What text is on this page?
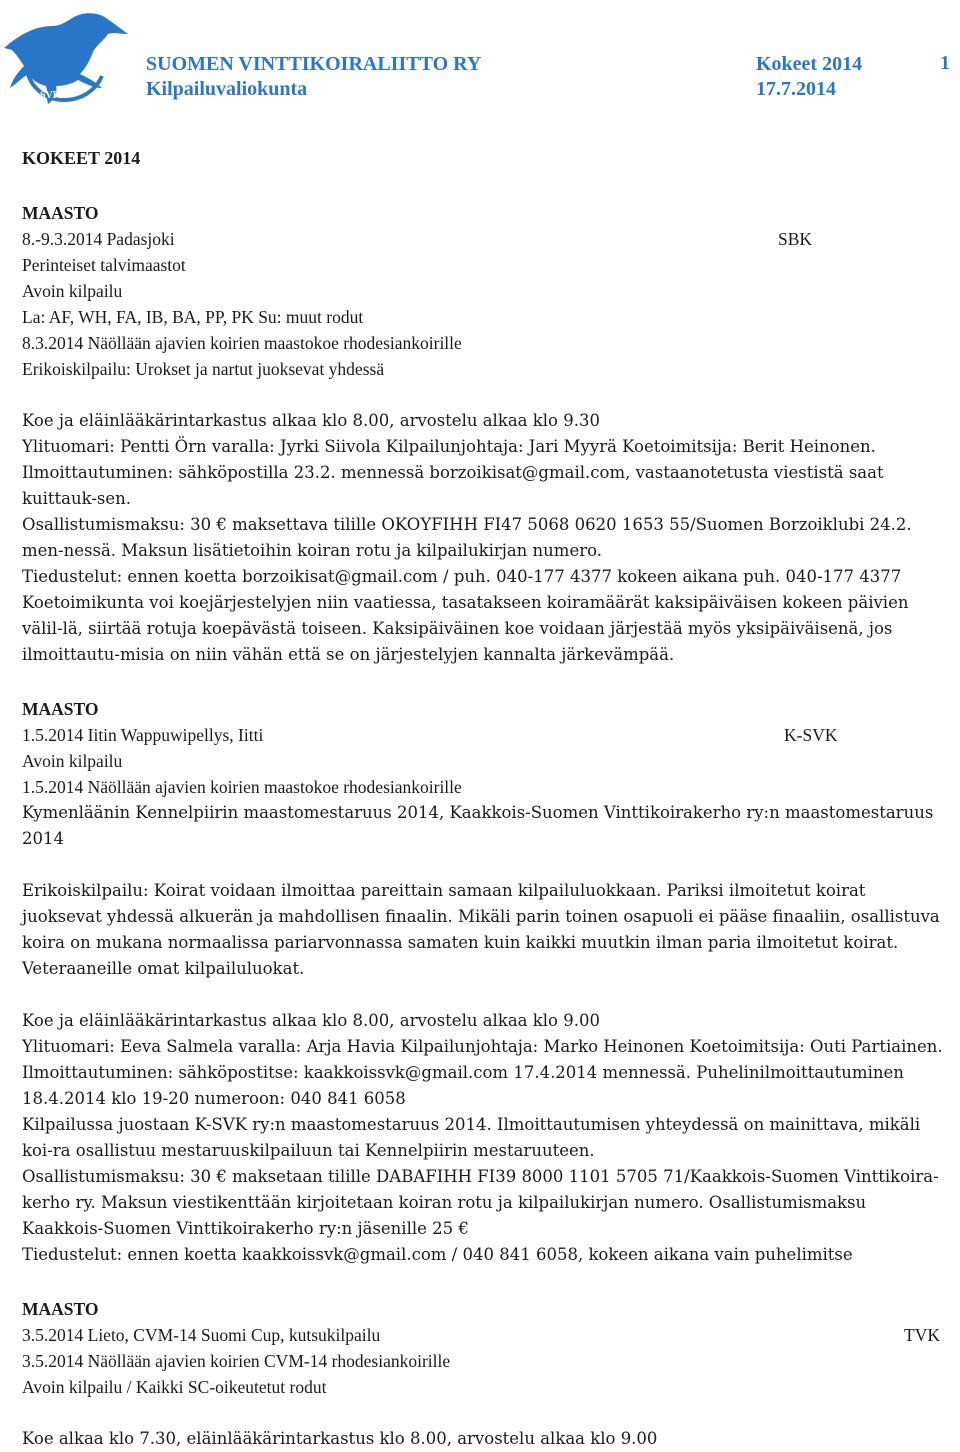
SVKL
SUOMEN VINTTIKOIRALIITTO RY
Kilpailuvaliokunta
Kokeet 2014
17.7.2014
1
KOKEET 2014
MAASTO
8.-9.3.2014 Padasjoki	SBK
Perinteiset talvimaastot
Avoin kilpailu
La: AF, WH, FA, IB, BA, PP, PK Su: muut rodut
8.3.2014 Näöllään ajavien koirien maastokoe rhodesiankoirille
Erikoiskilpailu: Urokset ja nartut juoksevat yhdessä
Koe ja eläinlääkärintarkastus alkaa klo 8.00, arvostelu alkaa klo 9.30
Ylituomari: Pentti Örn varalla: Jyrki Siivola Kilpailunjohtaja: Jari Myyrä Koetoimitsija: Berit Heinonen.
Ilmoittautuminen: sähköpostilla 23.2. mennessä borzoikisat@gmail.com, vastaanotetusta viestistä saat kuittauk-sen.
Osallistumismaksu: 30 € maksettava tilille OKOYFIHH FI47 5068 0620 1653 55/Suomen Borzoiklubi 24.2. men-nessä. Maksun lisätietoihin koiran rotu ja kilpailukirjan numero.
Tiedustelut: ennen koetta borzoikisat@gmail.com / puh. 040-177 4377 kokeen aikana puh. 040-177 4377
Koetoimikunta voi koejärjestelyjen niin vaatiessa, tasatakseen koiramäärät kaksipäiväisen kokeen päivien välil-lä, siirtää rotuja koepävästä toiseen. Kaksipäiväinen koe voidaan järjestää myös yksipäiväisenä, jos ilmoittautu-misia on niin vähän että se on järjestelyjen kannalta järkevämpää.
MAASTO
1.5.2014 Iitin Wappuwipellys, Iitti	K-SVK
Avoin kilpailu
1.5.2014 Näöllään ajavien koirien maastokoe rhodesiankoirille
Kymenläänin Kennelpiirin maastomestaruus 2014, Kaakkois-Suomen Vinttikoirakerho ry:n maastomestaruus 2014
Erikoiskilpailu: Koirat voidaan ilmoittaa pareittain samaan kilpailuluokkaan. Pariksi ilmoitetut koirat juoksevat yhdessä alkuerän ja mahdollisen finaalin. Mikäli parin toinen osapuoli ei pääse finaaliin, osallistuva koira on mukana normaalissa pariarvonnassa samaten kuin kaikki muutkin ilman paria ilmoitetut koirat. Veteraaneille omat kilpailuluokat.
Koe ja eläinlääkärintarkastus alkaa klo 8.00, arvostelu alkaa klo 9.00
Ylituomari: Eeva Salmela varalla: Arja Havia Kilpailunjohtaja: Marko Heinonen Koetoimitsija: Outi Partiainen.
Ilmoittautuminen: sähköpostitse: kaakkoissvk@gmail.com 17.4.2014 mennessä. Puhelinilmoittautuminen 18.4.2014 klo 19-20 numeroon: 040 841 6058
Kilpailussa juostaan K-SVK ry:n maastomestaruus 2014. Ilmoittautumisen yhteydessä on mainittava, mikäli koi-ra osallistuu mestaruuskilpailuun tai Kennelpiirin mestaruuteen.
Osallistumismaksu: 30 € maksetaan tilille DABAFIHH FI39 8000 1101 5705 71/Kaakkois-Suomen Vinttikoira-kerho ry. Maksun viestikenttään kirjoitetaan koiran rotu ja kilpailukirjan numero. Osallistumismaksu Kaakkois-Suomen Vinttikoirakerho ry:n jäsenille 25 €
Tiedustelut: ennen koetta kaakkoissvk@gmail.com / 040 841 6058, kokeen aikana vain puhelimitse
MAASTO
3.5.2014 Lieto, CVM-14 Suomi Cup, kutsukilpailu	TVK
3.5.2014 Näöllään ajavien koirien CVM-14 rhodesiankoirille
Avoin kilpailu / Kaikki SC-oikeutetut rodut
Koe alkaa klo 7.30, eläinlääkärintarkastus klo 8.00, arvostelu alkaa klo 9.00
